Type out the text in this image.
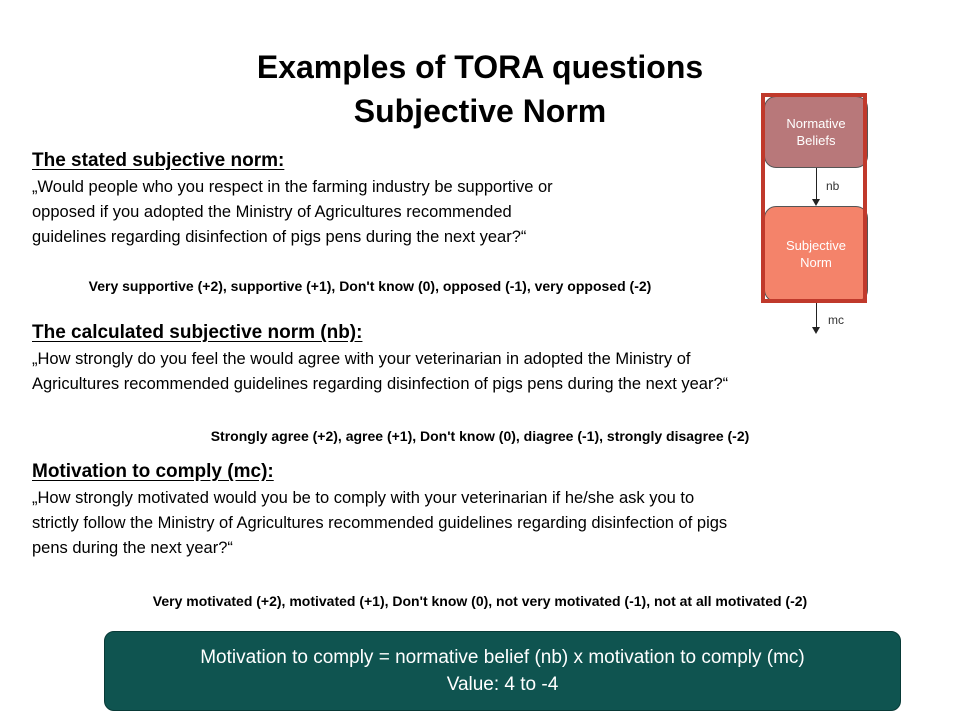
Examples of TORA questions
Subjective Norm
The stated subjective norm:
„Would people who you respect in the farming industry be supportive or
opposed if you adopted the Ministry of Agricultures recommended
guidelines regarding disinfection of pigs pens during the next year?“
Very supportive (+2), supportive (+1), Don't know (0), opposed (-1), very opposed (-2)
The calculated subjective norm (nb):
„How strongly do you feel the would agree with your veterinarian in adopted the Ministry of
Agricultures recommended guidelines regarding disinfection of pigs pens during the next year?“
Strongly agree (+2), agree (+1), Don't know (0), diagree (-1), strongly disagree (-2)
Motivation to comply (mc):
„How strongly motivated would you be to comply with your veterinarian if he/she ask you to
strictly follow the Ministry of Agricultures recommended guidelines regarding disinfection of pigs
pens during the next year?“
Very motivated (+2), motivated (+1), Don't know (0), not very motivated (-1), not at all motivated (-2)
Normative
Beliefs
Subjective
Norm
nb
mc
Motivation to comply = normative belief (nb) x motivation to comply (mc)
Value: 4 to -4
